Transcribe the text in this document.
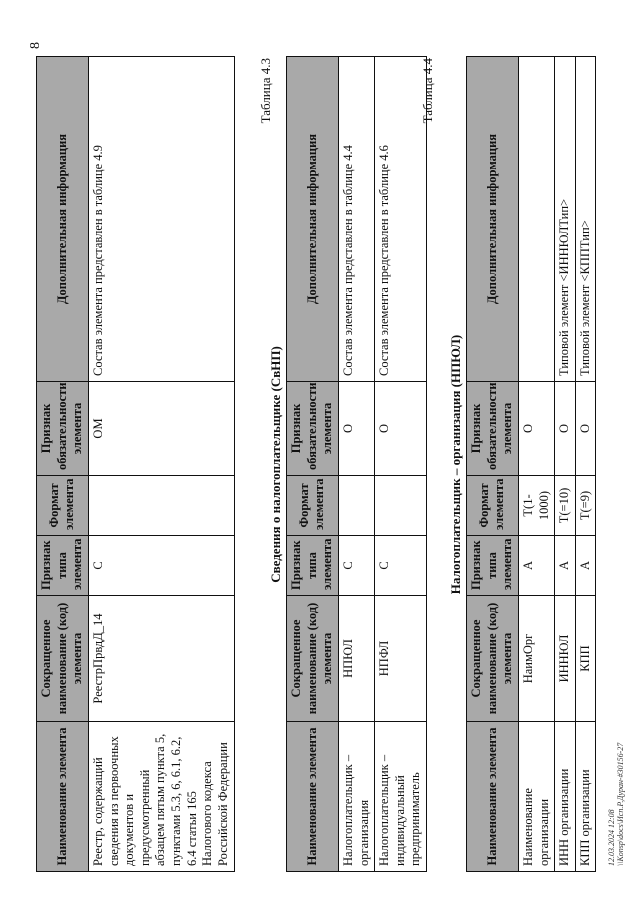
8
Наименование элемента	Сокращенное наименование (код) элемента	Признак типа элемента	Формат элемента	Признак обязательности элемента	Дополнительная информация
Реестр, содержащий сведения из первоочных документов и предусмотренный абзацем пятым пункта 5, пунктами 5.3, 6, 6.1, 6.2, 6.4 статьи 165 Налогового кодекса Российской Федерации	РеестрПрвдД_14	С		ОМ	Состав элемента представлен в таблице 4.9
Таблица 4.3
Сведения о налогоплательщике (СвНП)
Наименование элемента	Сокращенное наименование (код) элемента	Признак типа элемента	Формат элемента	Признак обязательности элемента	Дополнительная информация
Налогоплательщик – организация	НПЮЛ	С		О	Состав элемента представлен в таблице 4.4
Налогоплательщик – индивидуальный предприниматель	НПФЛ	С		О	Состав элемента представлен в таблице 4.6
Таблица 4.4
Налогоплательщик – организация (НПЮЛ)
Наименование элемента	Сокращенное наименование (код) элемента	Признак типа элемента	Формат элемента	Признак обязательности элемента	Дополнительная информация
Наименование организации	НаимОрг	А	T(1-1000)	О	
ИНН организации	ИННЮЛ	А	T(=10)	О	Типовой элемент <ИННЮЛТип>
КПП организации	КПП	А	T(=9)	О	Типовой элемент <КППТип>
12.03.2024 12:08 \\Konsp\docs\Исп.Р.Дуран-#30156-27
